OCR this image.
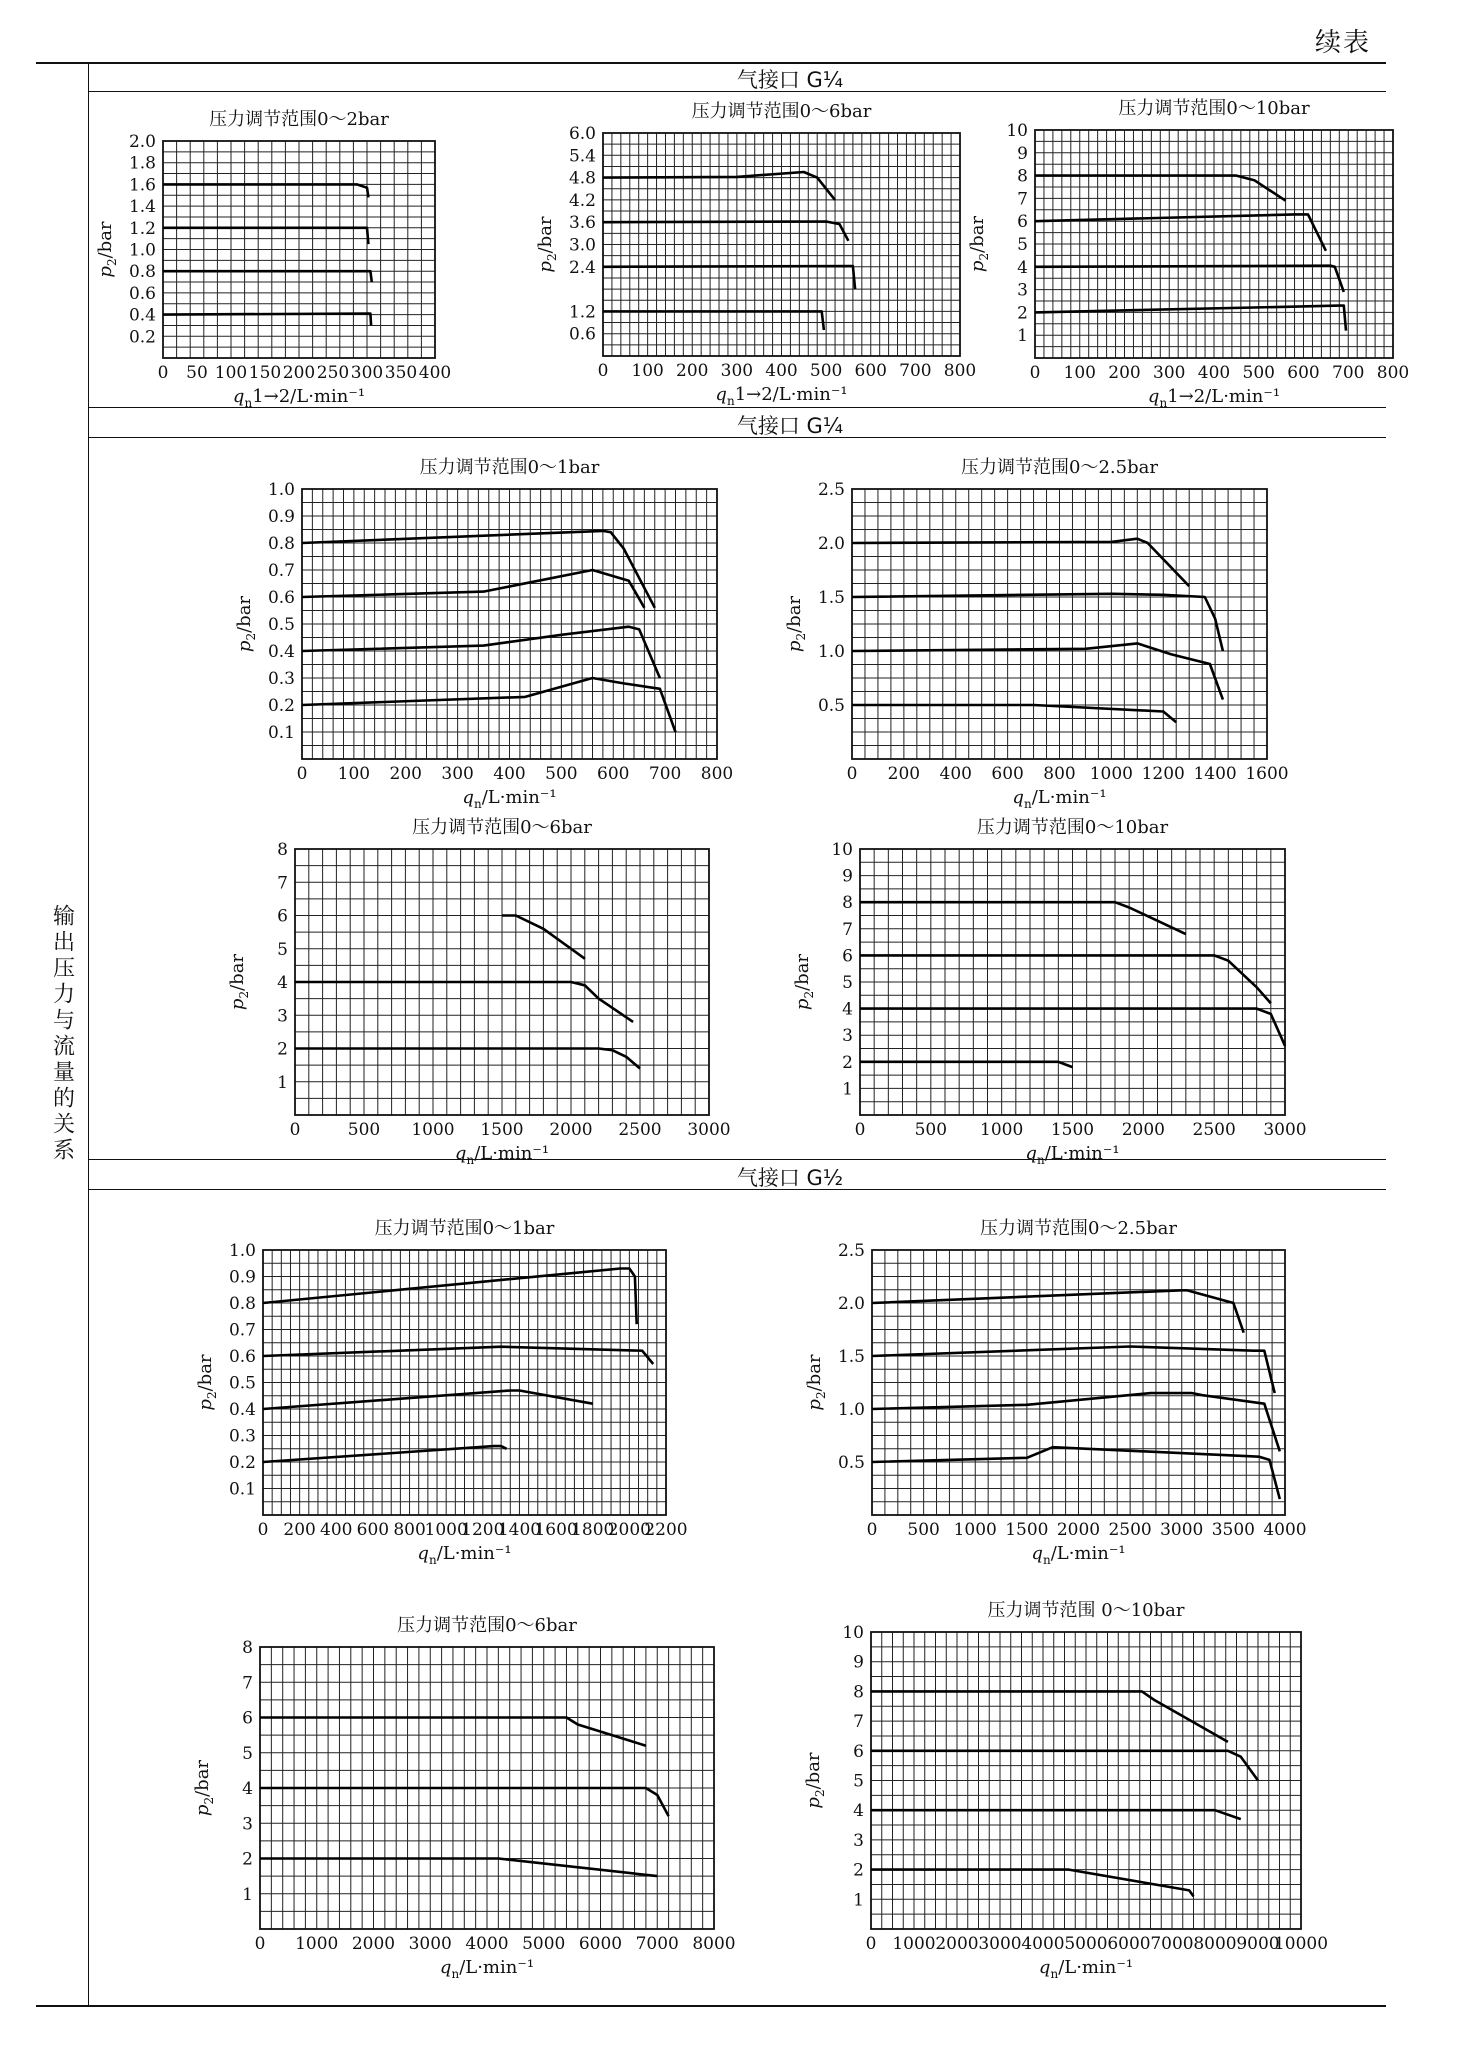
续表
输出压力与流量的关系
气接口 G¼
气接口 G¼
气接口 G½
压力调节范围0～2bar
0.2
0.4
0.6
0.8
1.0
1.2
1.4
1.6
1.8
2.0
0 50 100 150 200 250 300 350 400
$q_n1\to 2/L\cdot\min^{-1}$
$p_2$/bar
压力调节范围0～6bar
0.6
1.2
2.4
3.0
3.6
4.2
4.8
5.4
6.0
0 100 200 300 400 500 600 700 800
$q_n1\to 2/L\cdot\min^{-1}$
$p_2$/bar
压力调节范围0～10bar
1
2
3
4
5
6
7
8
9
10
0 100 200 300 400 500 600 700 800
$q_n1\to 2/L\cdot\min^{-1}$
$p_2$/bar
压力调节范围0～1bar
0.1
0.2
0.3
0.4
0.5
0.6
0.7
0.8
0.9
1.0
0 100 200 300 400 500 600 700 800
$q_n/L\cdot\min^{-1}$
$p_2$/bar
压力调节范围0～2.5bar
0.5
1.0
1.5
2.0
2.5
0 200 400 600 800 1000 1200 1400 1600
$q_n/L\cdot\min^{-1}$
$p_2$/bar
压力调节范围0～6bar
1
2
3
4
5
6
7
8
0	500 1000 1500 2000 2500 3000
$q_n/L\cdot\min^{-1}$
$p_2$/bar
压力调节范围0～10bar
1
2
3
4
5
6
7
8
9
10
0	500 1000 1500 2000 2500 3000
$q_n/L\cdot\min^{-1}$
$p_2$/bar
压力调节范围0～1bar
0.1
0.2
0.3
0.4
0.5
0.6
0.7
0.8
0.9
1.0
0 200 400 600 800
1000
1200
1400
1600
1800
2000
2200
$q_n/L\cdot\min^{-1}$
$p_2$/bar
压力调节范围0～2.5bar
0.5
1.0
1.5
2.0
2.5
0 500 1000 1500 2000 2500 3000 3500 4000
$q_n/L\cdot\min^{-1}$
$p_2$/bar
压力调节范围0～6bar
1
2
3
4
5
6
7
8
0 1000 2000 3000 4000 5000 6000 7000 8000
$q_n/L\cdot\min^{-1}$
$p_2$/bar
压力调节范围 0～10bar
1
2
3
4
5
6
7
8
9
10
0 1000 2000 3000 4000 5000 6000 7000 8000 9000
10000
$q_n/L\cdot\min^{-1}$
$p_2$/bar
